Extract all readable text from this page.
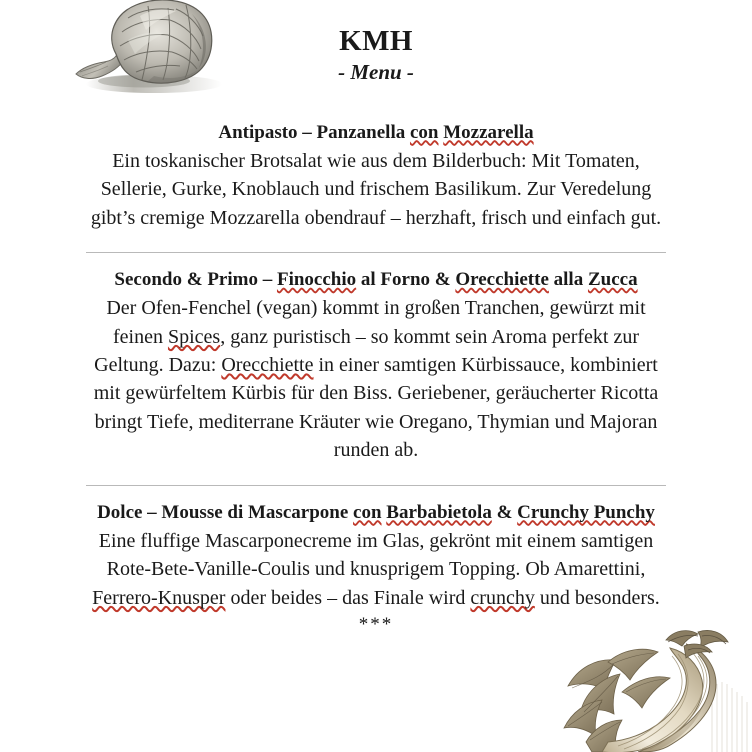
KMH
- Menu -
Antipasto – Panzanella con Mozzarella
Ein toskanischer Brotsalat wie aus dem Bilderbuch: Mit Tomaten, Sellerie, Gurke, Knoblauch und frischem Basilikum. Zur Veredelung gibt’s cremige Mozzarella obendrauf – herzhaft, frisch und einfach gut.
Secondo & Primo – Finocchio al Forno & Orecchiette alla Zucca
Der Ofen-Fenchel (vegan) kommt in großen Tranchen, gewürzt mit feinen Spices, ganz puristisch – so kommt sein Aroma perfekt zur Geltung. Dazu: Orecchiette in einer samtigen Kürbissauce, kombiniert mit gewürfeltem Kürbis für den Biss. Geriebener, geräucherter Ricotta bringt Tiefe, mediterrane Kräuter wie Oregano, Thymian und Majoran runden ab.
Dolce – Mousse di Mascarpone con Barbabietola & Crunchy Punchy
Eine fluffige Mascarponecreme im Glas, gekrönt mit einem samtigen Rote-Bete-Vanille-Coulis und knusprigem Topping. Ob Amarettini, Ferrero-Knusper oder beides – das Finale wird crunchy und besonders.
***
